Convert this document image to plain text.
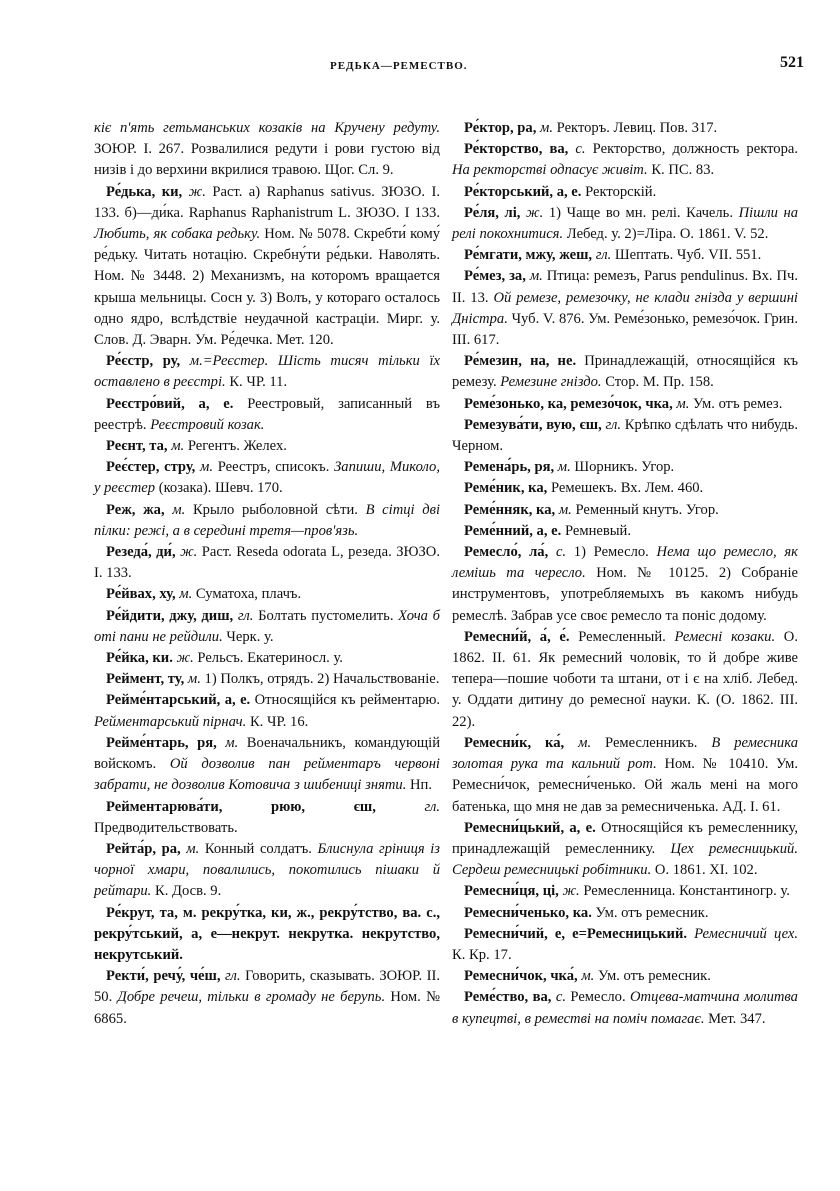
РЕДЬКА—РЕМЕСТВО.	521

кіє п'ять гетьманських козаків на Кручену редуту. ЗОЮР. І. 267. Розвалилися редути і рови густою від низів і до верхини вкрилися травою. Щог. Сл. 9.

Ре́дька, ки, ж. Раст. а) Raphanus sativus. ЗЮЗО. І. 133. б)—ди́ка. Raphanus Raphanistrum L. ЗЮЗО. І 133. Любить, як собака редьку. Ном. № 5078. Скребти́ кому́ ре́дьку. Читать нотацію. Скребну́ти ре́дьки. Наволять. Ном. № 3448. 2) Механизмъ, на которомъ вращается крыша мельницы. Сосн у. 3) Волъ, у котораго осталось одно ядро, вслѣдствіе неудачной кастраціи. Мирг. у. Слов. Д. Эварн. Ум. Ре́дечка. Мет. 120.

Ре́єстр, ру, м.=Реєстер. Шість тисяч тільки їх оставлено в реєстрі. К. ЧР. 11.

Реєстро́вий, а, е. Реестровый, записанный въ реестрѣ. Реєстровий козак.

Реєнт, та, м. Регентъ. Желех.

Реє́стер, стру, м. Реестръ, списокъ. Запиши, Миколо, у реєстер (козака). Шевч. 170.

Реж, жа, м. Крыло рыболовной сѣти. В сітці дві пілки: режі, а в середині третя—пров'язь.

Резеда́, ди́, ж. Раст. Reseda odorata L, резеда. ЗЮЗО. І. 133.

Ре́йвах, ху, м. Суматоха, плачъ.

Ре́йдити, джу, диш, гл. Болтать пустомелить. Хоча б оті пани не рейдили. Черк. у.

Ре́йка, ки. ж. Рельсъ. Екатериносл. у.

Реймент, ту, м. 1) Полкъ, отрядъ. 2) Начальствованіе.

Рейме́нтарський, а, е. Относящійся къ рейментарю. Рейментарський пірнач. К. ЧР. 16.

Рейме́нтарь, ря, м. Военачальникъ, командующій войскомъ. Ой дозволив пан рейментаръ червоні забрати, не дозволив Котовича з шибениці зняти. Нп.

Рейментарюва́ти, рюю, єш,	гл. Предводительствовать.

Рейта́р, ра, м. Конный солдатъ. Блиснула гріниця із чорної хмари, повалились, покотились пішаки й рейтари. К. Досв. 9.

Ре́крут, та, м. рекру́тка, ки, ж., рекру́тство, ва. с., рекру́тський, а, е—некрут. некрутка. некрутство, некрутський.

Ректи́, речу́, че́ш, гл. Говорить, сказывать. ЗОЮР. ІІ. 50. Добре речеш, тільки в громаду не берупь. Ном. № 6865.

Ре́ктор, ра, м. Ректоръ. Левиц. Пов. 317.

Ре́кторство, ва, с. Ректорство, должность ректора. На ректорстві одпасує живіт. К. ПС. 83.

Ре́кторський, а, е. Ректорскій.

Ре́ля, лі, ж. 1) Чаще во мн. релі. Качель. Пішли на релі покохнитися. Лебед. у. 2)=Ліра. О. 1861. V. 52.

Ре́мгати, мжу, жеш, гл. Шептать. Чуб. VII. 551.

Ре́мез, за, м. Птица: ремезъ, Parus pendulinus. Вх. Пч. ІІ. 13. Ой ремезе, ремезочку, не клади гнізда у вершині Дністра. Чуб. V. 876. Ум. Реме́зонько, ремезо́чок. Грин. ІІІ. 617.

Ре́мезин, на, не. Принадлежащій, относящійся къ ремезу. Ремезине гніздо. Стор. М. Пр. 158.

Реме́зонько, ка, ремезо́чок, чка, м. Ум. отъ ремез.

Ремезува́ти, вую, єш, гл. Крѣпко сдѣлать что нибудь. Черном.

Ремена́рь, ря, м. Шорникъ. Угор.

Реме́ник, ка, Ремешекъ. Вх. Лем. 460.

Реме́нняк, ка, м. Ременный кнутъ. Угор.

Реме́нний, а, е. Ремневый.

Ремесло́, ла́, с. 1) Ремесло. Нема що ремесло, як лемішь та чересло. Ном. № 10125. 2) Собраніе инструментовъ, употребляемыхъ въ какомъ нибудь ремеслѣ. Забрав усе своє ремесло та поніс додому.

Ремесни́й, а́, е́. Ремесленный. Ремесні козаки. О. 1862. ІІ. 61. Як ремесний чоловік, то й добре живе тепера—пошие чоботи та штани, от і є на хліб. Лебед. у. Оддати дитину до ремесної науки. К. (О. 1862. ІІІ. 22).

Ремесни́к, ка́, м. Ремесленникъ. В ремесника золотая рука та кальний рот. Ном. № 10410. Ум. Ремесни́чок, ремесни́ченько. Ой жаль мені на мого батенька, що мня не дав за ремесниченька. АД. І. 61.

Ремесни́цький, а, е. Относящійся къ ремесленнику, принадлежащій ремесленнику. Цех ремесницький. Сердеш ремесницькі робітники. О. 1861. ХІ. 102.

Ремесни́ця, ці, ж. Ремесленница. Константиногр. у.

Ремесни́ченько, ка. Ум. отъ ремесник.

Ремесни́чий, е, е=Ремесницький. Ремесничий цех. К. Кр. 17.

Ремесни́чок, чка́, м. Ум. отъ ремесник.

Реме́ство, ва, с. Ремесло. Отцева-матчина молитва в купецтві, в реместві на поміч помагає. Мет. 347.
